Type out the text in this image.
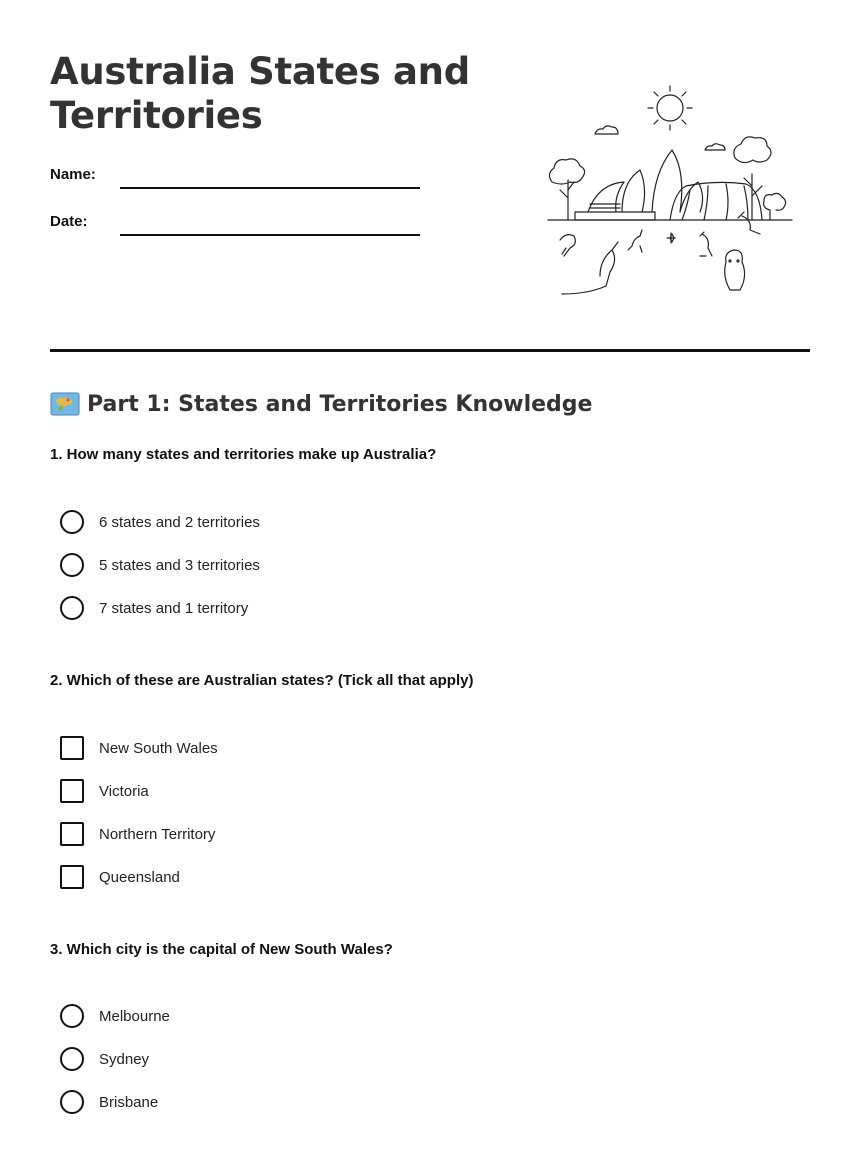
Australia States and Territories
Name:
Date:
Part 1: States and Territories Knowledge
1. How many states and territories make up Australia?
6 states and 2 territories
5 states and 3 territories
7 states and 1 territory
2. Which of these are Australian states? (Tick all that apply)
New South Wales
Victoria
Northern Territory
Queensland
3. Which city is the capital of New South Wales?
Melbourne
Sydney
Brisbane
